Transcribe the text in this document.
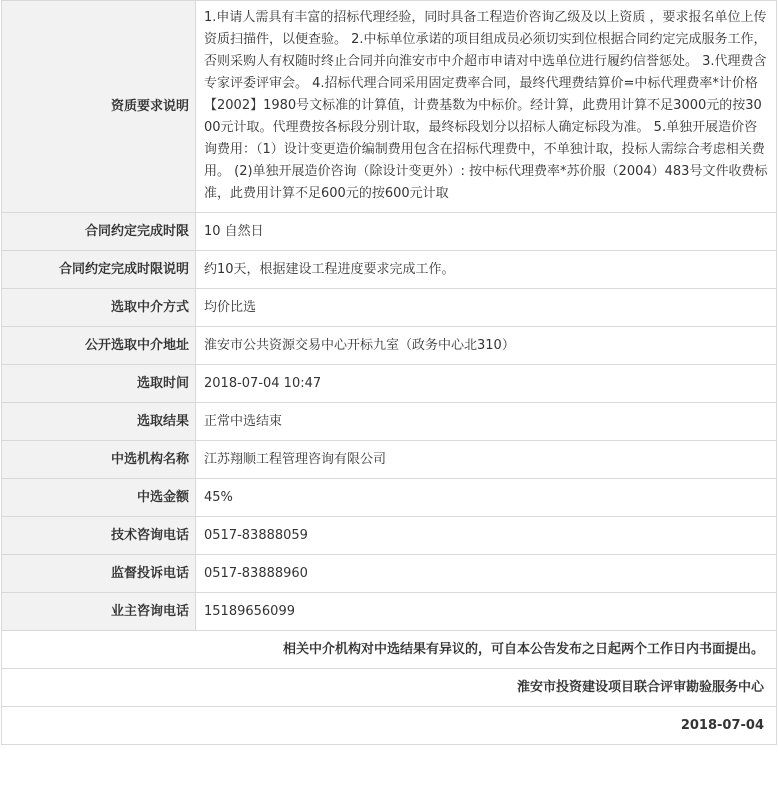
资质要求说明	1.申请人需具有丰富的招标代理经验，同时具备工程造价咨询乙级及以上资质 ，要求报名单位上传资质扫描件，以便查验。 2.中标单位承诺的项目组成员必须切实到位根据合同约定完成服务工作，否则采购人有权随时终止合同并向淮安市中介超市申请对中选单位进行履约信誉惩处。 3.代理费含专家评委评审会。 4.招标代理合同采用固定费率合同，最终代理费结算价=中标代理费率*计价格【2002】1980号文标准的计算值，计费基数为中标价。经计算，此费用计算不足3000元的按3000元计取。代理费按各标段分别计取，最终标段划分以招标人确定标段为准。 5.单独开展造价咨询费用：（1）设计变更造价编制费用包含在招标代理费中，不单独计取，投标人需综合考虑相关费用。 (2)单独开展造价咨询（除设计变更外）: 按中标代理费率*苏价服（2004）483号文件收费标准，此费用计算不足600元的按600元计取
合同约定完成时限	10 自然日
合同约定完成时限说明	约10天，根据建设工程进度要求完成工作。
选取中介方式	均价比选
公开选取中介地址	淮安市公共资源交易中心开标九室（政务中心北310）
选取时间	2018-07-04 10:47
选取结果	正常中选结束
中选机构名称	江苏翔顺工程管理咨询有限公司
中选金额	45%
技术咨询电话	0517-83888059
监督投诉电话	0517-83888960
业主咨询电话	15189656099
相关中介机构对中选结果有异议的，可自本公告发布之日起两个工作日内书面提出。	
淮安市投资建设项目联合评审勘验服务中心	
2018-07-04	
